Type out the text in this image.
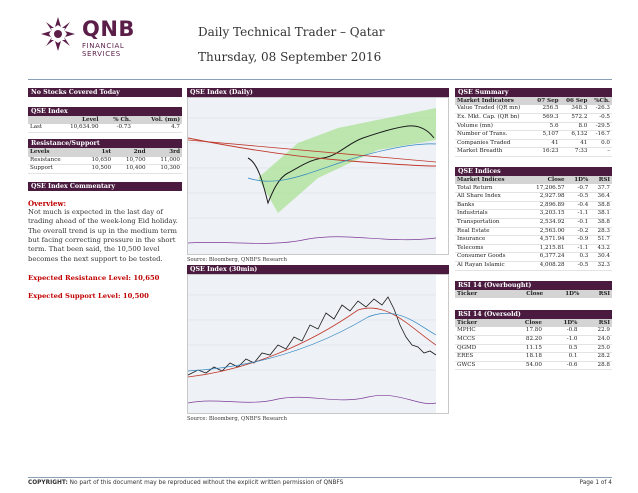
QNB
FINANCIAL SERVICES
Daily Technical Trader – Qatar
Thursday, 08 September 2016
No Stocks Covered Today
QSE Index
	Level	% Ch.	Vol. (mn)
Last	10,634.90	-0.73	4.7
Resistance/Support
Levels	1st	2nd	3rd
Resistance	10,650	10,700	11,000
Support	10,500	10,400	10,300
QSE Index Commentary
Overview:
Not much is expected in the last day of trading ahead of the week-long Eid holiday. The overall trend is up in the medium term but facing correcting pressure in the short term. That been said, the 10,500 level becomes the next support to be tested.
Expected Resistance Level: 10,650
Expected Support Level: 10,500
QSE Index (Daily)
Source: Bloomberg, QNBFS Research
QSE Index (30min)
Source: Bloomberg, QNBFS Research
QSE Summary
Market Indicators	07 Sep	06 Sep	%Ch.
Value Traded (QR mn)	256.5	348.3	-26.3
Ex. Mkt. Cap. (QR bn)	569.3	572.2	-0.5
Volume (mn)	5.6	8.0	-29.5
Number of Trans.	5,107	6,132	-16.7
Companies Traded	41	41	0.0
Market Breadth	16:23	7:33	–
QSE Indices
Market Indices	Close	1D%	RSI
Total Return	17,206.57	-0.7	37.7
All Share Index	2,927.98	-0.5	36.4
Banks	2,896.89	-0.4	38.8
Industrials	3,203.15	-1.1	38.1
Transportation	2,534.92	-0.1	38.8
Real Estate	2,563.00	-0.2	28.3
Insurance	4,571.94	-0.9	51.7
Telecoms	1,215.81	-1.1	43.2
Consumer Goods	6,377.24	0.3	30.4
Al Rayan Islamic	4,008.28	-0.5	32.3
RSI 14 (Overbought)
Ticker	Close	1D%	RSI
RSI 14 (Oversold)
Ticker	Close	1D%	RSI
MPHC	17.80	-0.8	22.9
MCCS	82.20	-1.0	24.0
QGMD	11.15	0.5	25.0
ERES	18.18	0.1	28.2
GWCS	54.00	-0.6	28.8
COPYRIGHT: No part of this document may be reproduced without the explicit written permission of QNBFS	Page 1 of 4
